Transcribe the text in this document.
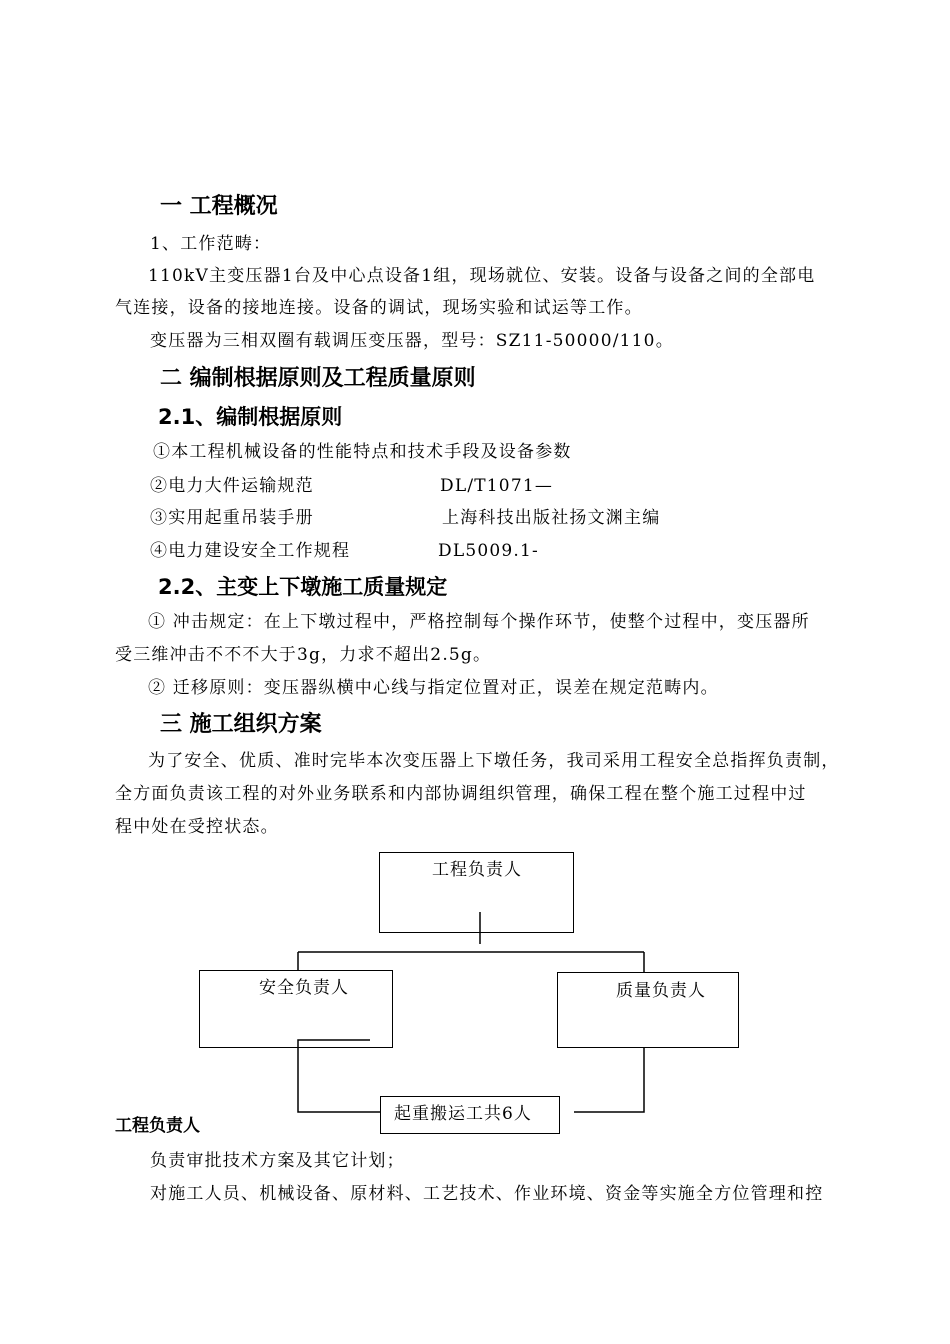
一 工程概况
1、工作范畴：
110kV主变压器1台及中心点设备1组，现场就位、安装。设备与设备之间的全部电
气连接，设备的接地连接。设备的调试，现场实验和试运等工作。
变压器为三相双圈有载调压变压器，型号：SZ11-50000/110。
二 编制根据原则及工程质量原则
2.1、编制根据原则
①本工程机械设备的性能特点和技术手段及设备参数
②电力大件运输规范	DL/T1071—
③实用起重吊装手册	上海科技出版社扬文渊主编
④电力建设安全工作规程	DL5009.1-
2.2、主变上下墩施工质量规定
① 冲击规定：在上下墩过程中，严格控制每个操作环节，使整个过程中，变压器所
受三维冲击不不不大于3g，力求不超出2.5g。
② 迁移原则：变压器纵横中心线与指定位置对正，误差在规定范畴内。
三 施工组织方案
为了安全、优质、准时完毕本次变压器上下墩任务，我司采用工程安全总指挥负责制，
全方面负责该工程的对外业务联系和内部协调组织管理，确保工程在整个施工过程中过
程中处在受控状态。
工程负责人
安全负责人	质量负责人
起重搬运工共6人
工程负责人
负责审批技术方案及其它计划；
对施工人员、机械设备、原材料、工艺技术、作业环境、资金等实施全方位管理和控
